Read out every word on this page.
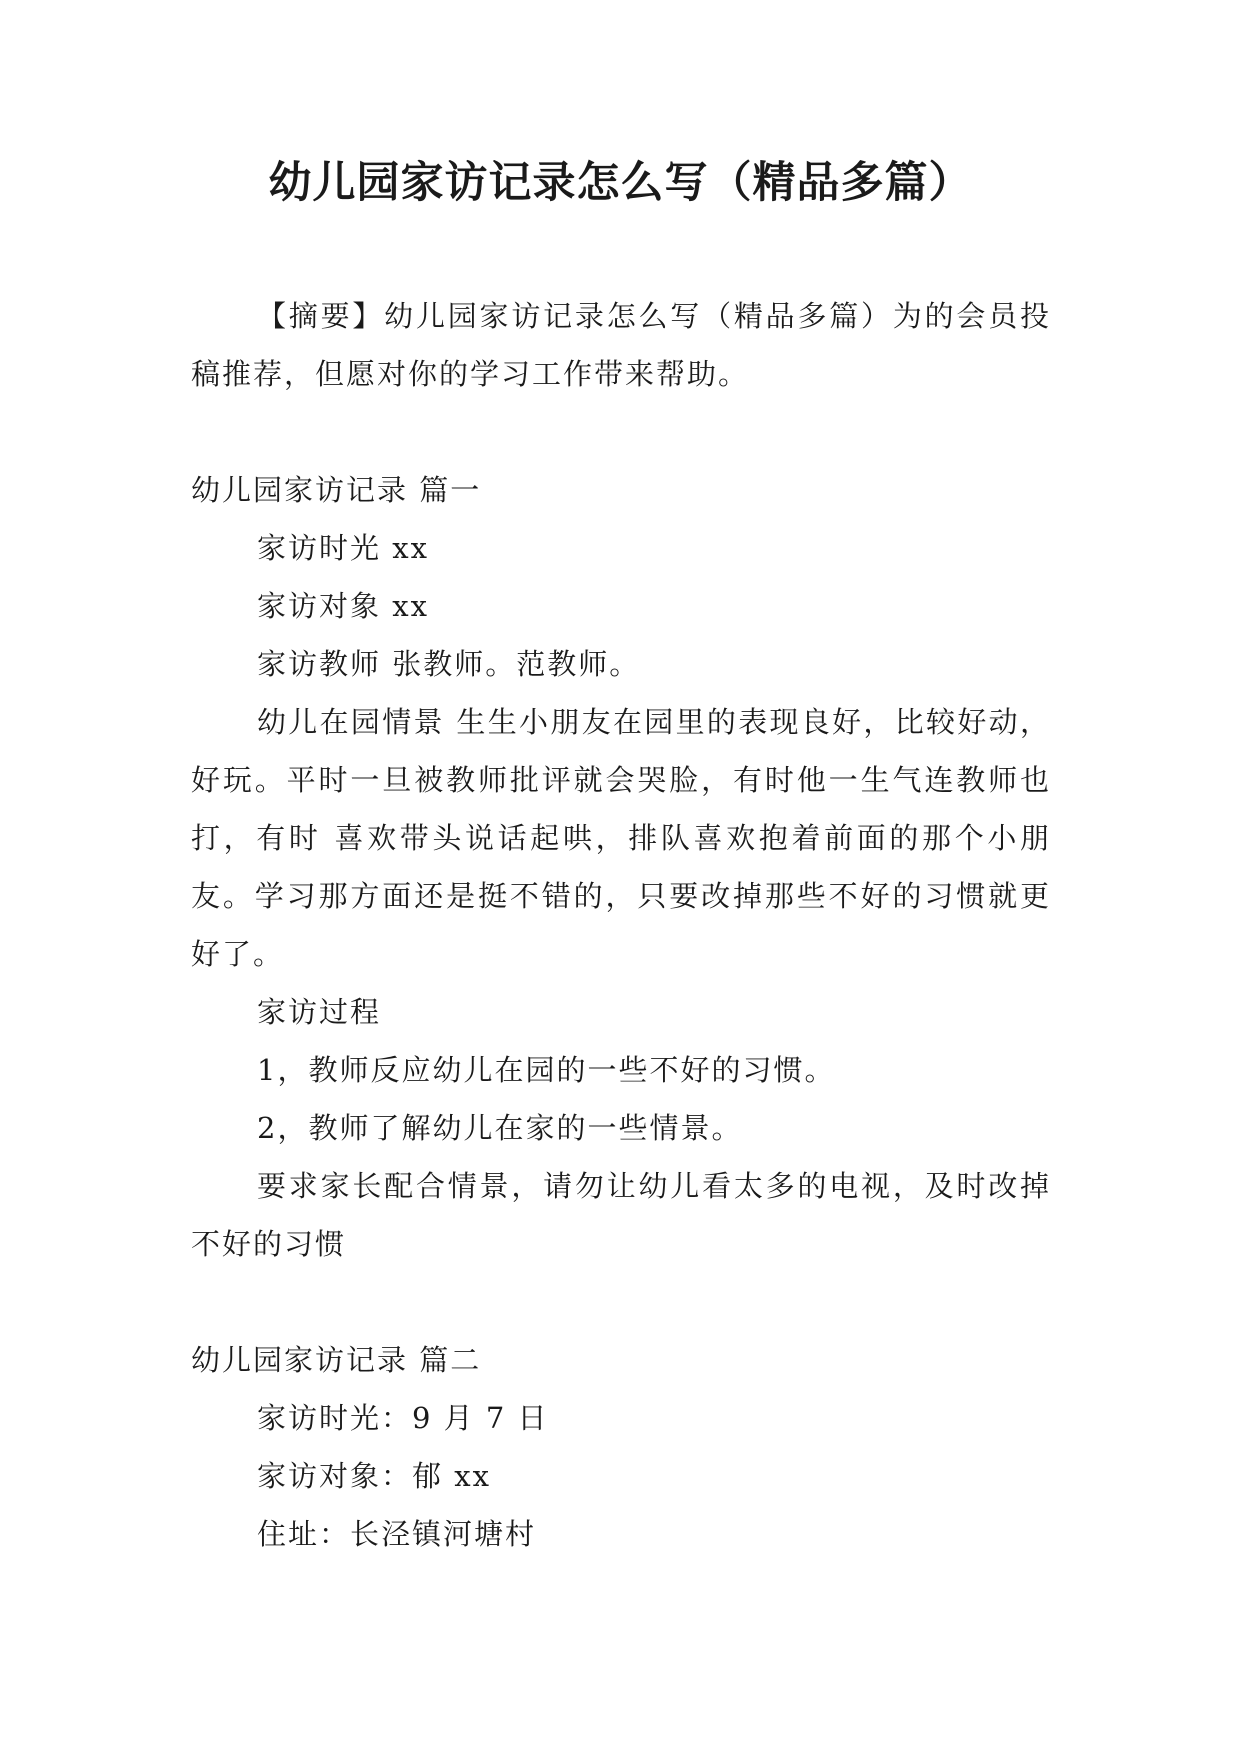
幼儿园家访记录怎么写（精品多篇）

【摘要】幼儿园家访记录怎么写（精品多篇）为的会员投稿推荐，但愿对你的学习工作带来帮助。

幼儿园家访记录 篇一

家访时光 xx

家访对象 xx

家访教师 张教师。范教师。

幼儿在园情景 生生小朋友在园里的表现良好，比较好动，好玩。平时一旦被教师批评就会哭脸，有时他一生气连教师也打，有时 喜欢带头说话起哄，排队喜欢抱着前面的那个小朋友。学习那方面还是挺不错的，只要改掉那些不好的习惯就更好了。

家访过程

1，教师反应幼儿在园的一些不好的习惯。

2，教师了解幼儿在家的一些情景。

要求家长配合情景，请勿让幼儿看太多的电视，及时改掉不好的习惯

幼儿园家访记录 篇二

家访时光：9 月 7 日

家访对象：郁 xx

住址：长泾镇河塘村
